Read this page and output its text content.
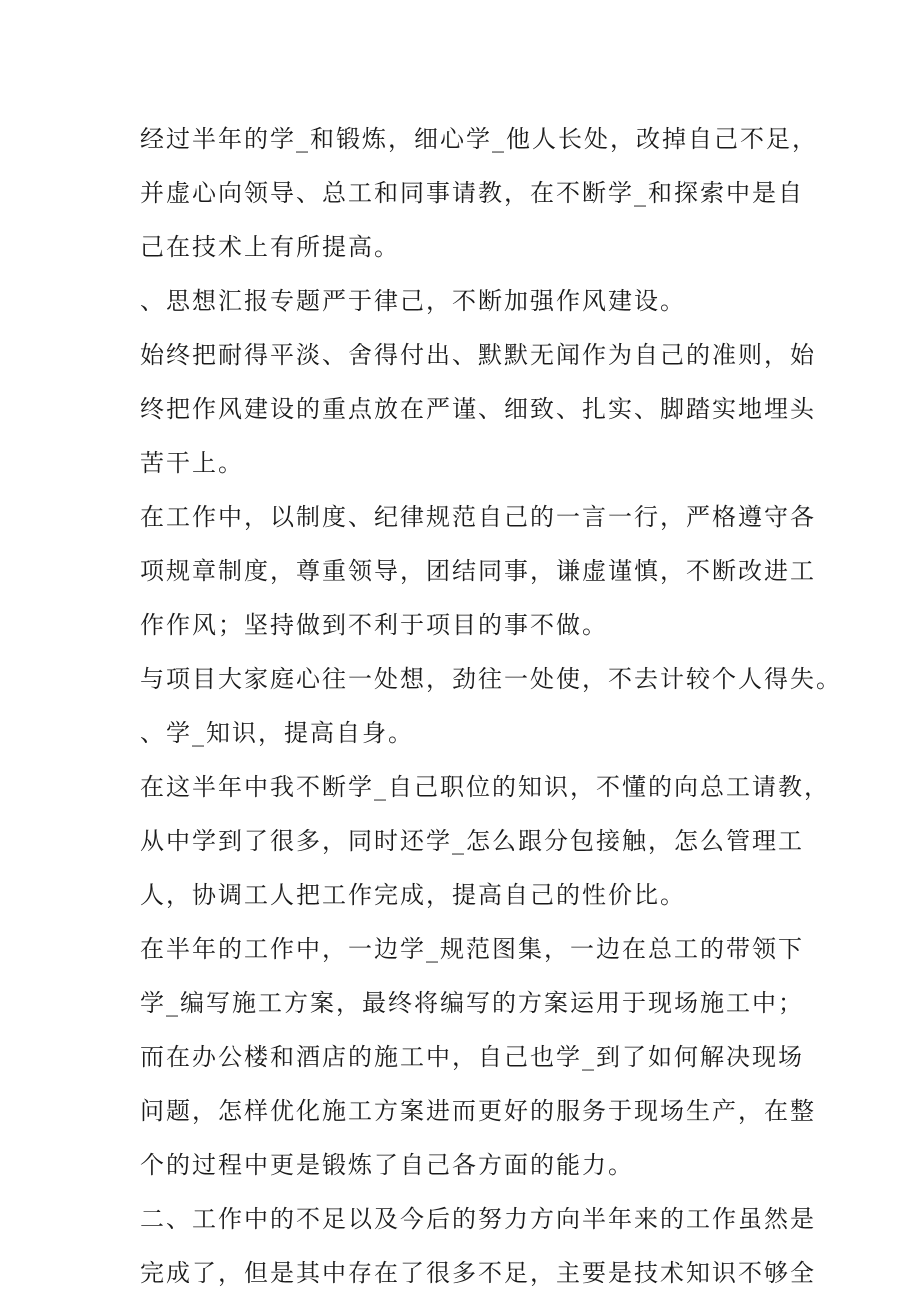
经过半年的学_和锻炼，细心学_他人长处，改掉自己不足，
并虚心向领导、总工和同事请教，在不断学_和探索中是自
己在技术上有所提高。
、思想汇报专题严于律己，不断加强作风建设。
始终把耐得平淡、舍得付出、默默无闻作为自己的准则，始
终把作风建设的重点放在严谨、细致、扎实、脚踏实地埋头
苦干上。
在工作中，以制度、纪律规范自己的一言一行，严格遵守各
项规章制度，尊重领导，团结同事，谦虚谨慎，不断改进工
作作风；坚持做到不利于项目的事不做。
与项目大家庭心往一处想，劲往一处使，不去计较个人得失。
、学_知识，提高自身。
在这半年中我不断学_自己职位的知识，不懂的向总工请教，
从中学到了很多，同时还学_怎么跟分包接触，怎么管理工
人，协调工人把工作完成，提高自己的性价比。
在半年的工作中，一边学_规范图集，一边在总工的带领下
学_编写施工方案，最终将编写的方案运用于现场施工中；
而在办公楼和酒店的施工中，自己也学_到了如何解决现场
问题，怎样优化施工方案进而更好的服务于现场生产，在整
个的过程中更是锻炼了自己各方面的能力。
二、工作中的不足以及今后的努力方向半年来的工作虽然是
完成了，但是其中存在了很多不足，主要是技术知识不够全
